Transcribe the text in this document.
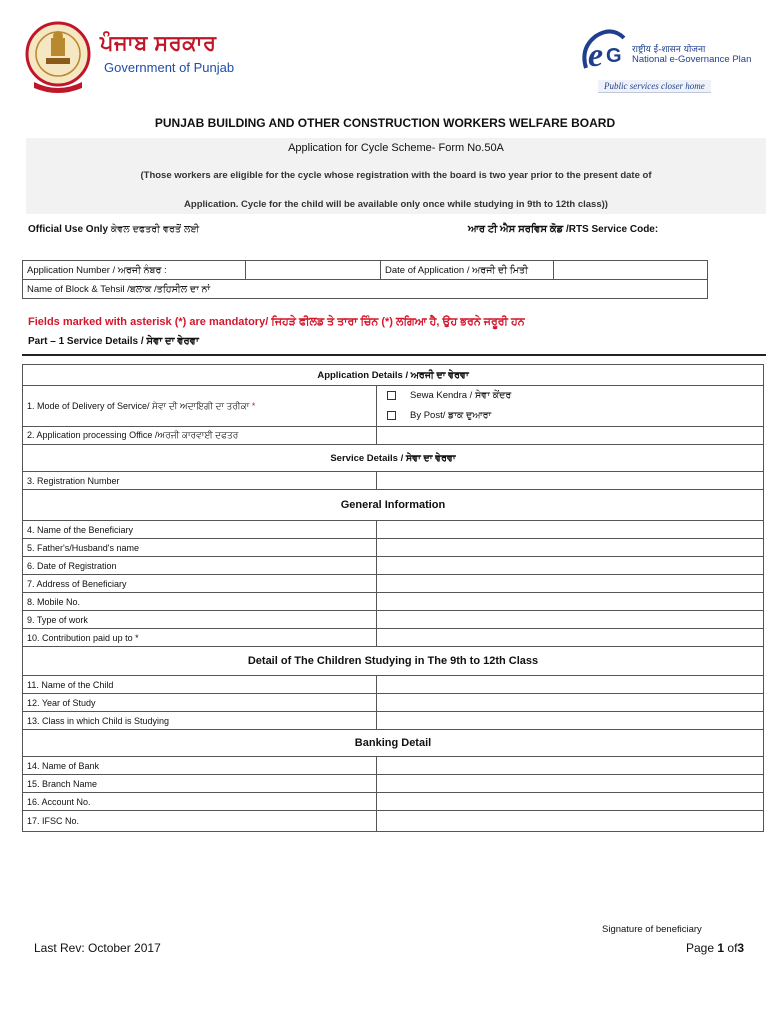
ਪੰਜਾਬ ਸਰਕਾਰ
Government of Punjab	e G राष्ट्रीय ई-शासन योजना
National e-Governance Plan
Public services closer home
PUNJAB BUILDING AND OTHER CONSTRUCTION WORKERS WELFARE BOARD
Application for Cycle Scheme- Form No.50A
(Those workers are eligible for the cycle whose registration with the board is two year prior to the present date of
Application. Cycle for the child will be available only once while studying in 9th to 12th class))
Official Use Only ਕੇਵਲ ਦਫਤਰੀ ਵਰਤੋਂ ਲਈ	ਆਰ ਟੀ ਐਸ ਸਰਵਿਸ ਕੋਡ /RTS Service Code:
Application Number / ਅਰਜੀ ਨੰਬਰ :		Date of Application / ਅਰਜੀ ਦੀ ਮਿਤੀ	
Name of Block & Tehsil /ਬਲਾਕ /ਤਹਿਸੀਲ ਦਾ ਨਾਂ
Fields marked with asterisk (*) are mandatory/ ਜਿਹੜੇ ਫੀਲਡ ਤੇ ਤਾਰਾ ਚਿੰਨ (*) ਲਗਿਆ ਹੈ, ਉਹ ਭਰਨੇ ਜਰੂਰੀ ਹਨ
Part – 1 Service Details / ਸੇਵਾ ਦਾ ਵੇਰਵਾ
Application Details / ਅਰਜੀ ਦਾ ਵੇਰਵਾ	
1. Mode of Delivery of Service/ ਸੇਵਾ ਦੀ ਅਦਾਇਗੀ ਦਾ ਤਰੀਕਾ *	Sewa Kendra / ਸੇਵਾ ਕੇਂਦਰ
By Post/ ਡਾਕ ਦੁਆਰਾ

2. Application processing Office /ਅਰਜੀ ਕਾਰਵਾਈ ਦਫਤਰ	
Service Details / ਸੇਵਾ ਦਾ ਵੇਰਵਾ	
3. Registration Number	
General Information	
4. Name of the Beneficiary	
5. Father's/Husband's name	
6. Date of Registration	
7. Address of Beneficiary	
8. Mobile No.	
9. Type of work	
10. Contribution paid up to *	
Detail of The Children Studying in The 9th to 12th Class	
11. Name of the Child	
12. Year of Study	
13. Class in which Child is Studying	
Banking Detail	
14. Name of Bank	
15. Branch Name	
16. Account No.	
17. IFSC No.	
Signature of beneficiary
Last Rev: October 2017	Page 1 of3
